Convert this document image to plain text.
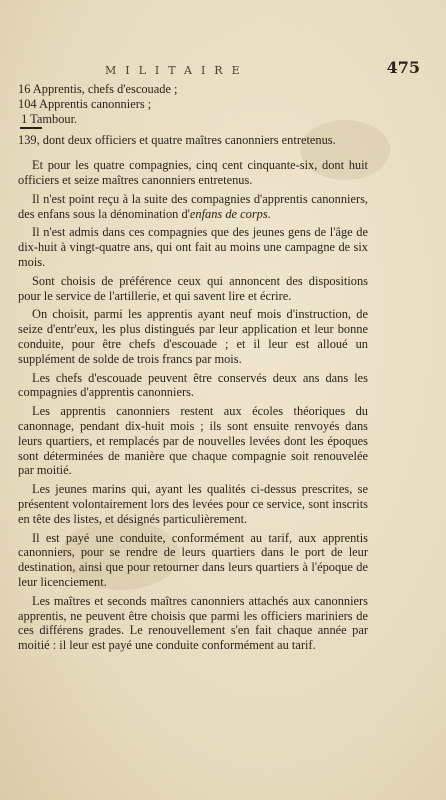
MILITAIRE	475

16 Apprentis, chefs d'escouade ;

104 Apprentis canonniers ;

1 Tambour.

139, dont deux officiers et quatre maîtres canonniers entretenus.

Et pour les quatre compagnies, cinq cent cinquante-six, dont huit officiers et seize maîtres canonniers entretenus.

Il n'est point reçu à la suite des compagnies d'apprentis canonniers, des enfans sous la dénomination d'enfans de corps.

Il n'est admis dans ces compagnies que des jeunes gens de l'âge de dix-huit à vingt-quatre ans, qui ont fait au moins une campagne de six mois.

Sont choisis de préférence ceux qui annoncent des dispositions pour le service de l'artillerie, et qui savent lire et écrire.

On choisit, parmi les apprentis ayant neuf mois d'instruction, de seize d'entr'eux, les plus distingués par leur application et leur bonne conduite, pour être chefs d'escouade ; et il leur est alloué un supplément de solde de trois francs par mois.

Les chefs d'escouade peuvent être conservés deux ans dans les compagnies d'apprentis canonniers.

Les apprentis canonniers restent aux écoles théoriques du canonnage, pendant dix-huit mois ; ils sont ensuite renvoyés dans leurs quartiers, et remplacés par de nouvelles levées dont les époques sont déterminées de manière que chaque compagnie soit renouvelée par moitié.

Les jeunes marins qui, ayant les qualités ci-dessus prescrites, se présentent volontairement lors des levées pour ce service, sont inscrits en tête des listes, et désignés particulièrement.

Il est payé une conduite, conformément au tarif, aux apprentis canonniers, pour se rendre de leurs quartiers dans le port de leur destination, ainsi que pour retourner dans leurs quartiers à l'époque de leur licenciement.

Les maîtres et seconds maîtres canonniers attachés aux canonniers apprentis, ne peuvent être choisis que parmi les officiers mariniers de ces différens grades. Le renouvellement s'en fait chaque année par moitié : il leur est payé une conduite conformément au tarif.
